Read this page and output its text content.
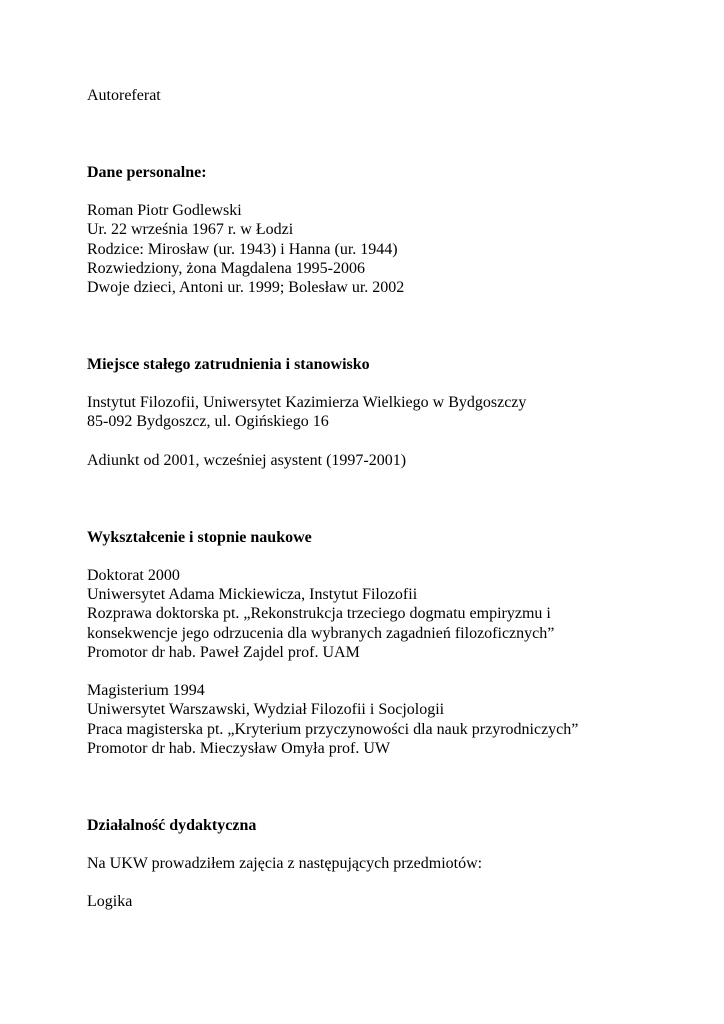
Autoreferat

Dane personalne:

Roman Piotr Godlewski

Ur. 22 września 1967 r. w Łodzi

Rodzice: Mirosław (ur. 1943) i Hanna (ur. 1944)

Rozwiedziony, żona Magdalena 1995-2006

Dwoje dzieci, Antoni ur. 1999; Bolesław ur. 2002

Miejsce stałego zatrudnienia i stanowisko

Instytut Filozofii, Uniwersytet Kazimierza Wielkiego w Bydgoszczy

85-092 Bydgoszcz, ul. Ogińskiego 16

Adiunkt od 2001, wcześniej asystent (1997-2001)

Wykształcenie i stopnie naukowe

Doktorat 2000

Uniwersytet Adama Mickiewicza, Instytut Filozofii

Rozprawa doktorska pt. „Rekonstrukcja trzeciego dogmatu empiryzmu i

konsekwencje jego odrzucenia dla wybranych zagadnień filozoficznych”

Promotor dr hab. Paweł Zajdel prof. UAM

Magisterium 1994

Uniwersytet Warszawski, Wydział Filozofii i Socjologii

Praca magisterska pt. „Kryterium przyczynowości dla nauk przyrodniczych”

Promotor dr hab. Mieczysław Omyła prof. UW

Działalność dydaktyczna

Na UKW prowadziłem zajęcia z następujących przedmiotów:

Logika
